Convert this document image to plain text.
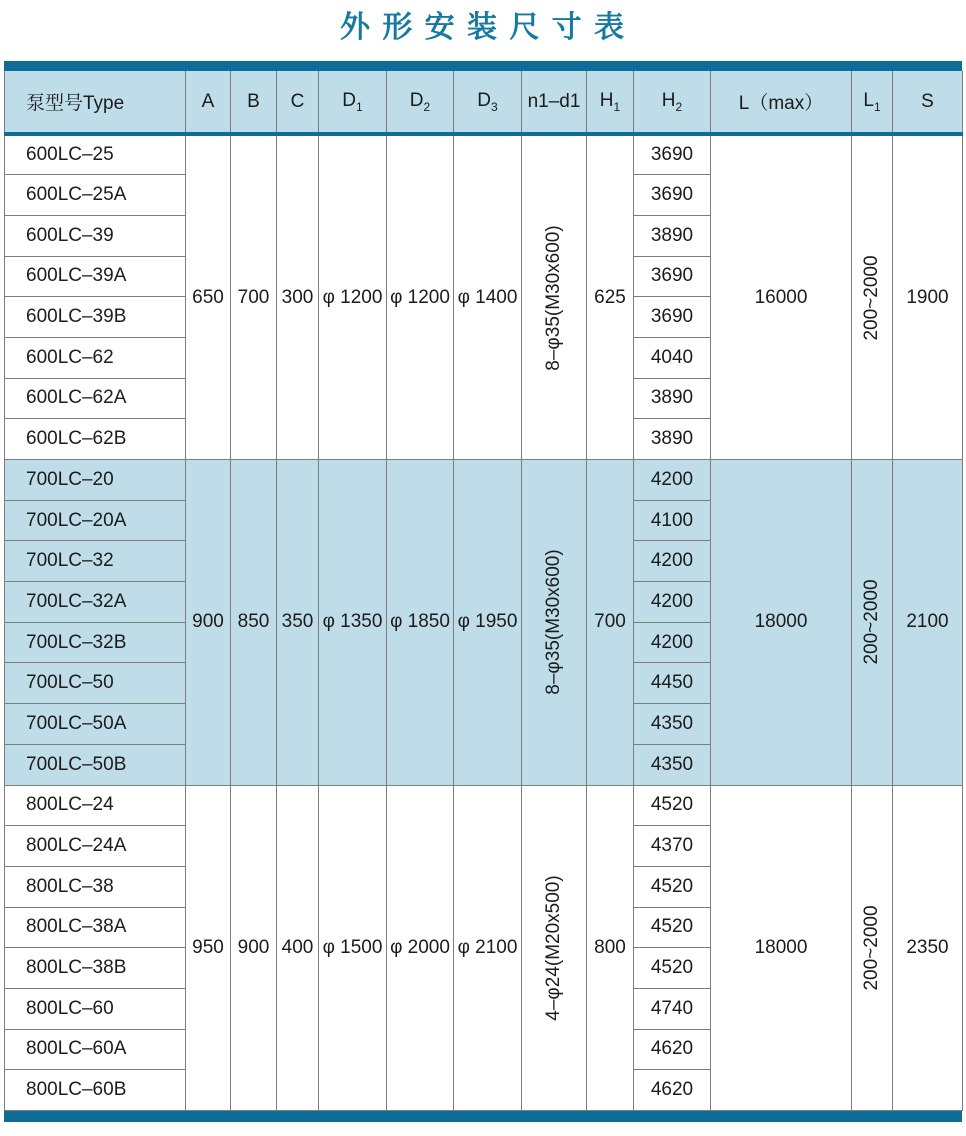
外 形 安 装 尺 寸 表
泵型号Type	A	B	C	$D_1$	$D_2$	$D_3$	n1–d1	$H_1$	$H_2$	L（max）	$L_1$	S
600LC–25	650	700	300	φ 1200	φ 1200	φ 1400	8–φ35(M30x600)	625	3690	16000	200~2000	1900
600LC–25A									3690			
600LC–39									3890			
600LC–39A									3690			
600LC–39B									3690			
600LC–62									4040			
600LC–62A									3890			
600LC–62B									3890			
700LC–20	900	850	350	φ 1350	φ 1850	φ 1950	8–φ35(M30x600)	700	4200	18000	200~2000	2100
700LC–20A									4100			
700LC–32									4200			
700LC–32A									4200			
700LC–32B									4200			
700LC–50									4450			
700LC–50A									4350			
700LC–50B									4350			
800LC–24	950	900	400	φ 1500	φ 2000	φ 2100	4–φ24(M20x500)	800	4520	18000	200~2000	2350
800LC–24A									4370			
800LC–38									4520			
800LC–38A									4520			
800LC–38B									4520			
800LC–60									4740			
800LC–60A									4620			
800LC–60B									4620			
